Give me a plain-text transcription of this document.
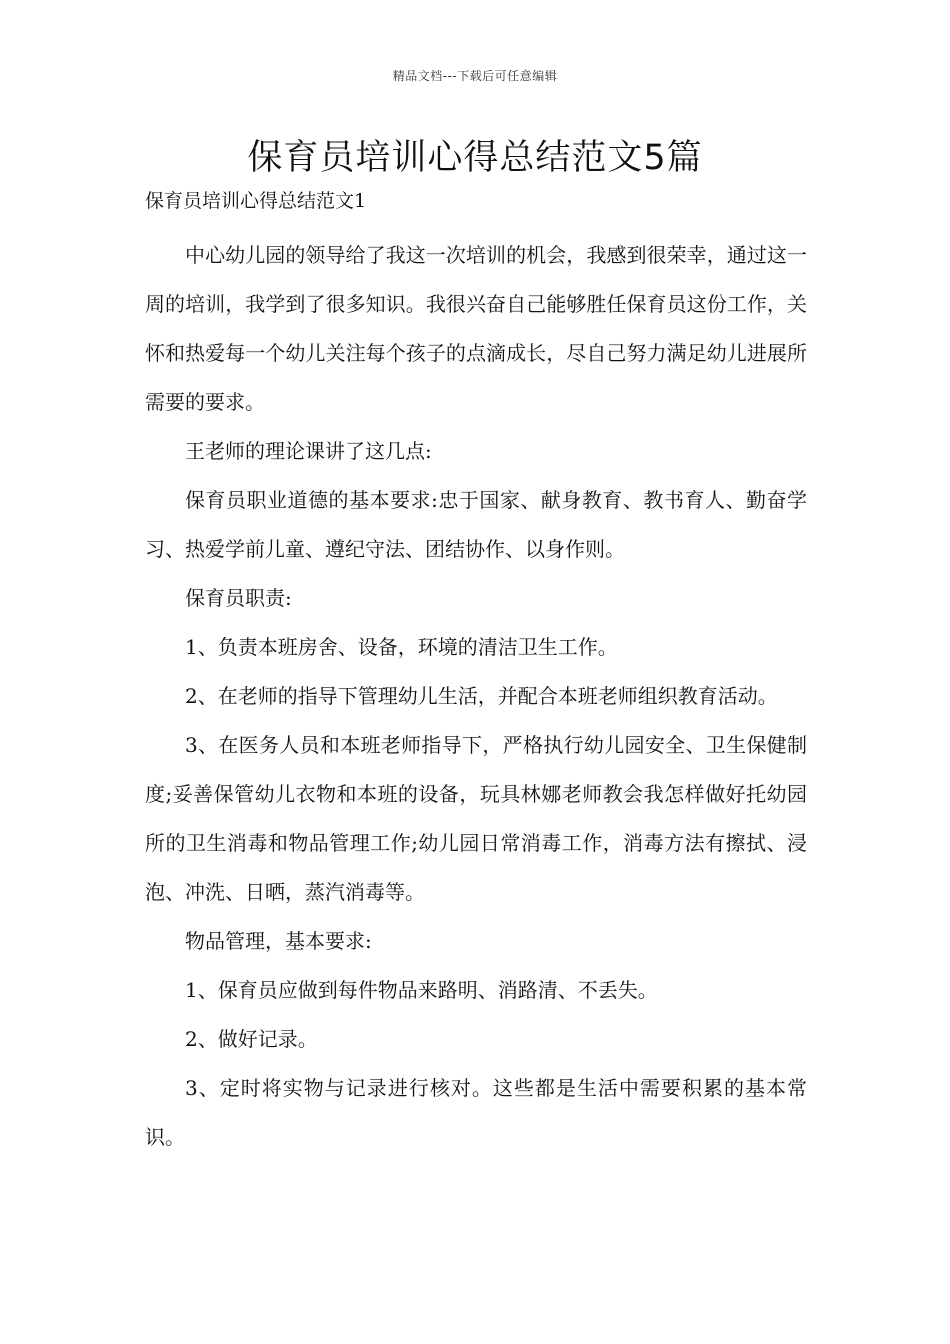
精品文档---下载后可任意编辑
保育员培训心得总结范文5篇
保育员培训心得总结范文1

中心幼儿园的领导给了我这一次培训的机会，我感到很荣幸，通过这一周的培训，我学到了很多知识。我很兴奋自己能够胜任保育员这份工作，关怀和热爱每一个幼儿关注每个孩子的点滴成长，尽自己努力满足幼儿进展所需要的要求。

王老师的理论课讲了这几点:

保育员职业道德的基本要求:忠于国家、献身教育、教书育人、勤奋学习、热爱学前儿童、遵纪守法、团结协作、以身作则。

保育员职责:

1、负责本班房舍、设备，环境的清洁卫生工作。

2、在老师的指导下管理幼儿生活，并配合本班老师组织教育活动。

3、在医务人员和本班老师指导下，严格执行幼儿园安全、卫生保健制度;妥善保管幼儿衣物和本班的设备，玩具林娜老师教会我怎样做好托幼园所的卫生消毒和物品管理工作;幼儿园日常消毒工作，消毒方法有擦拭、浸泡、冲洗、日晒，蒸汽消毒等。

物品管理，基本要求:

1、保育员应做到每件物品来路明、消路清、不丢失。

2、做好记录。

3、定时将实物与记录进行核对。这些都是生活中需要积累的基本常识。
